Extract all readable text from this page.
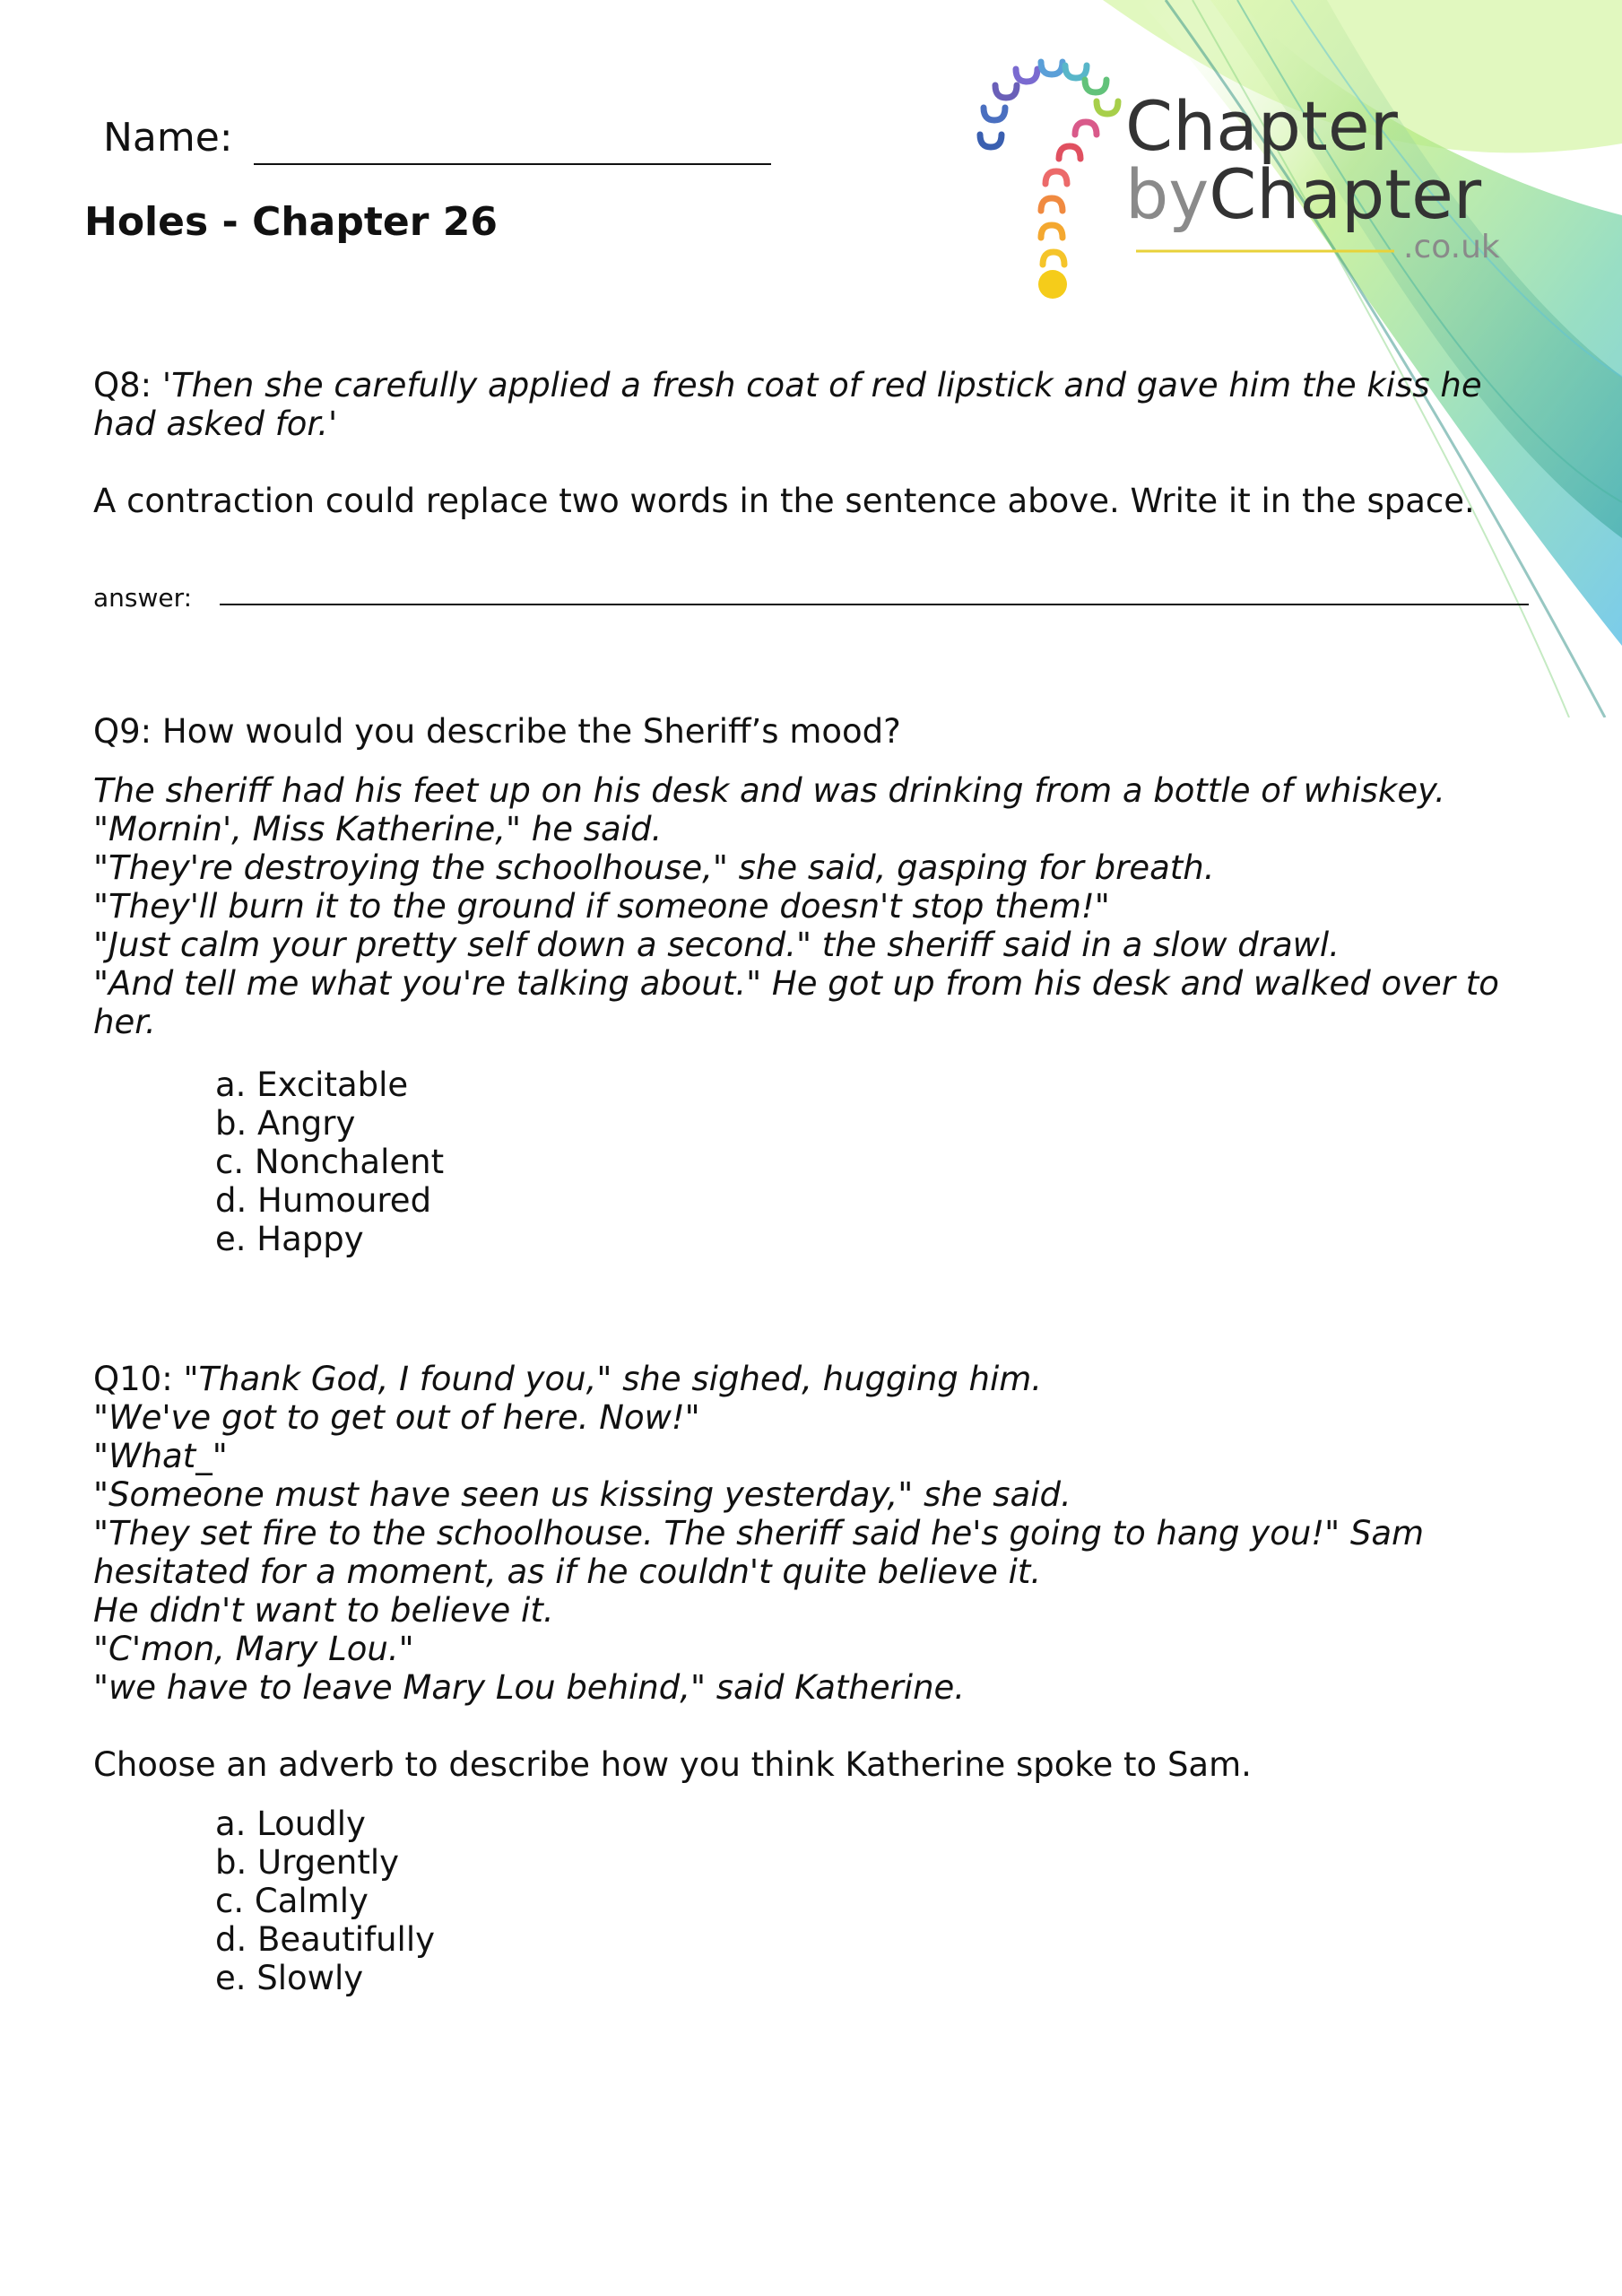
Name:
Holes - Chapter 26
Chapter
byChapter
.co.uk

Q8: 'Then she carefully applied a fresh coat of red lipstick and gave him the kiss he

had asked for.'

A contraction could replace two words in the sentence above. Write it in the space.
answer:
Q9: How would you describe the Sheriff’s mood?

The sheriff had his feet up on his desk and was drinking from a bottle of whiskey.

"Mornin', Miss Katherine," he said.

"They're destroying the schoolhouse," she said, gasping for breath.

"They'll burn it to the ground if someone doesn't stop them!"

"Just calm your pretty self down a second." the sheriff said in a slow drawl.

"And tell me what you're talking about." He got up from his desk and walked over to

her.

a. Excitable
b. Angry
c. Nonchalent
d. Humoured
e. Happy

Q10: "Thank God, I found you," she sighed, hugging him.

"We've got to get out of here. Now!"

"What_"

"Someone must have seen us kissing yesterday," she said.

"They set fire to the schoolhouse. The sheriff said he's going to hang you!" Sam

hesitated for a moment, as if he couldn't quite believe it.

He didn't want to believe it.

"C'mon, Mary Lou."

"we have to leave Mary Lou behind," said Katherine.

Choose an adverb to describe how you think Katherine spoke to Sam.
a. Loudly
b. Urgently
c. Calmly
d. Beautifully
e. Slowly
